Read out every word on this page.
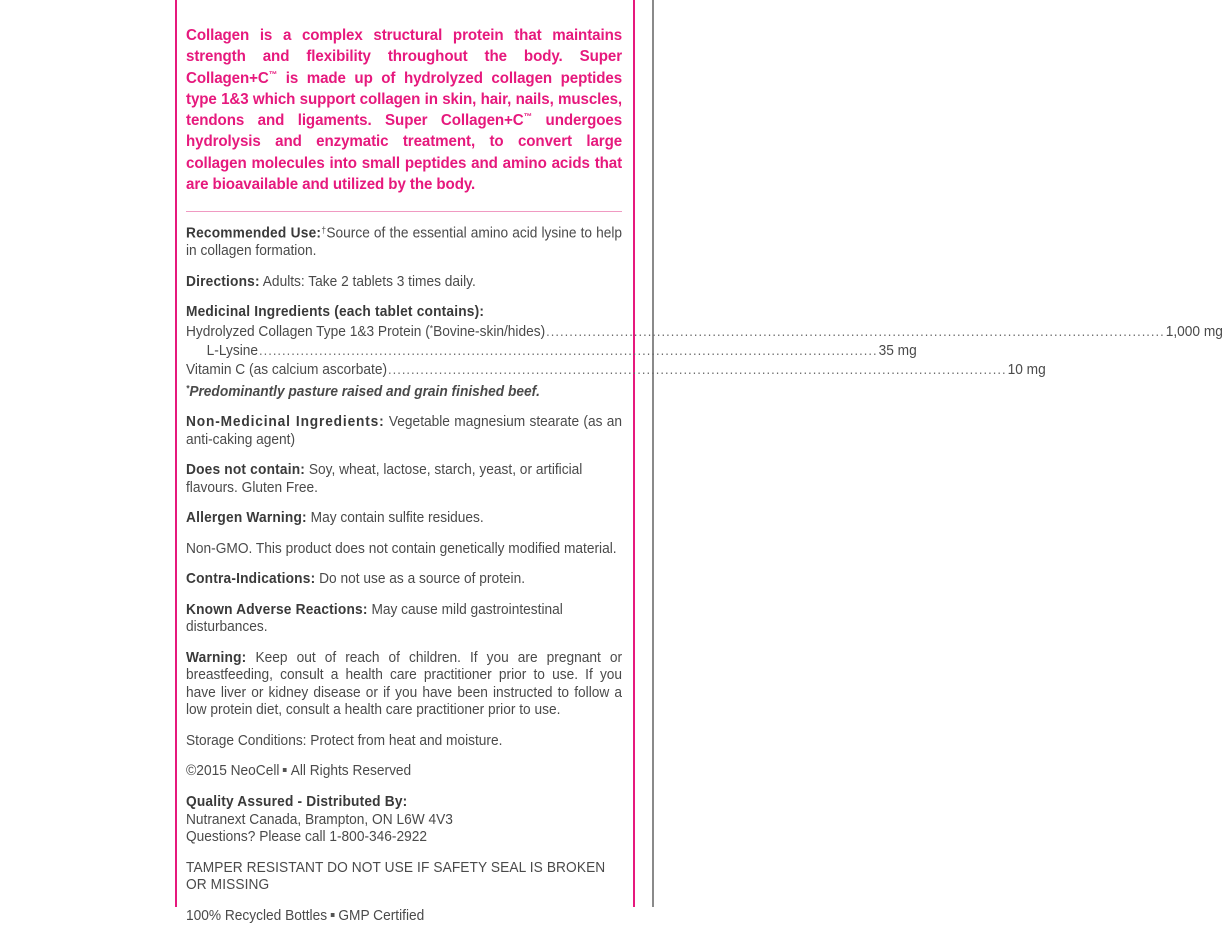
Collagen is a complex structural protein that maintains strength and flexibility throughout the body. Super Collagen+C™ is made up of hydrolyzed collagen peptides type 1&3 which support collagen in skin, hair, nails, muscles, tendons and ligaments. Super Collagen+C™ undergoes hydrolysis and enzymatic treatment, to convert large collagen molecules into small peptides and amino acids that are bioavailable and utilized by the body.

Recommended Use:†Source of the essential amino acid lysine to help in collagen formation.

Directions: Adults: Take 2 tablets 3 times daily.

Medicinal Ingredients (each tablet contains):

Hydrolyzed Collagen Type 1&3 Protein (*Bovine-skin/hides) .....	1,000 mg
L-Lysine .....	35 mg
Vitamin C (as calcium ascorbate) .....	10 mg

*Predominantly pasture raised and grain finished beef.

Non-Medicinal Ingredients: Vegetable magnesium stearate (as an anti-caking agent)

Does not contain: Soy, wheat, lactose, starch, yeast, or artificial flavours. Gluten Free.

Allergen Warning: May contain sulfite residues.

Non-GMO. This product does not contain genetically modified material.

Contra-Indications: Do not use as a source of protein.

Known Adverse Reactions: May cause mild gastrointestinal disturbances.

Warning: Keep out of reach of children. If you are pregnant or breastfeeding, consult a health care practitioner prior to use. If you have liver or kidney disease or if you have been instructed to follow a low protein diet, consult a health care practitioner prior to use.

Storage Conditions: Protect from heat and moisture.

©2015 NeoCell All Rights Reserved

Quality Assured - Distributed By:

Nutranext Canada, Brampton, ON L6W 4V3

Questions? Please call 1-800-346-2922

TAMPER RESISTANT DO NOT USE IF SAFETY SEAL IS BROKEN OR MISSING

100% Recycled Bottles GMP Certified
